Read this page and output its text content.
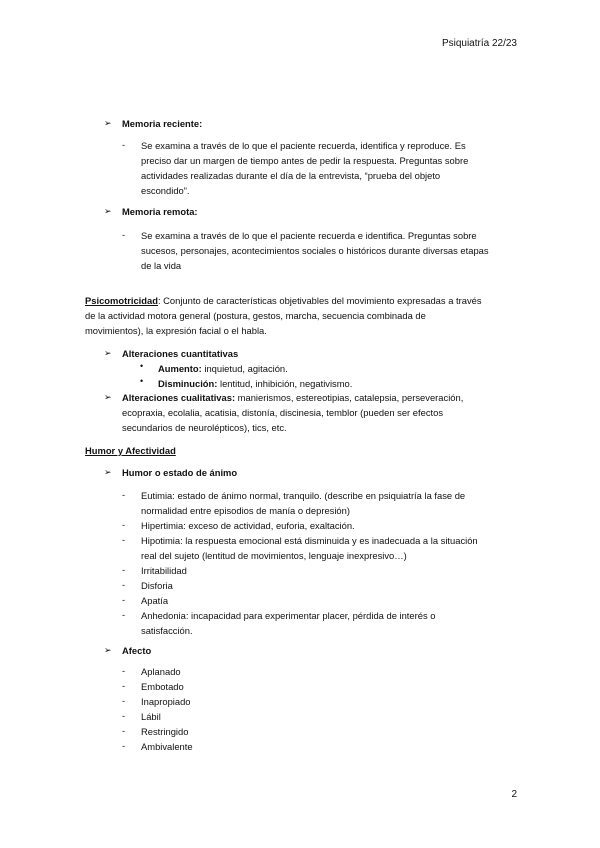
Psiquiatría 22/23
➢ Memoria reciente:
- Se examina a través de lo que el paciente recuerda, identifica y reproduce. Es
preciso dar un margen de tiempo antes de pedir la respuesta. Preguntas sobre
actividades realizadas durante el día de la entrevista, “prueba del objeto
escondido”.
➢ Memoria remota:
- Se examina a través de lo que el paciente recuerda e identifica. Preguntas sobre
sucesos, personajes, acontecimientos sociales o históricos durante diversas etapas
de la vida
Psicomotricidad: Conjunto de características objetivables del movimiento expresadas a través
de la actividad motora general (postura, gestos, marcha, secuencia combinada de
movimientos), la expresión facial o el habla.
➢ Alteraciones cuantitativas
• Aumento: inquietud, agitación.
• Disminución: lentitud, inhibición, negativismo.
➢ Alteraciones cualitativas: manierismos, estereotipias, catalepsia, perseveración,
ecopraxia, ecolalia, acatisia, distonía, discinesia, temblor (pueden ser efectos
secundarios de neurolépticos), tics, etc.
Humor y Afectividad
➢ Humor o estado de ánimo
- Eutimia: estado de ánimo normal, tranquilo. (describe en psiquiatría la fase de
normalidad entre episodios de manía o depresión)
- Hipertimia: exceso de actividad, euforia, exaltación.
- Hipotimia: la respuesta emocional está disminuida y es inadecuada a la situación
real del sujeto (lentitud de movimientos, lenguaje inexpresivo…)
- Irritabilidad
- Disforia
- Apatía
- Anhedonia: incapacidad para experimentar placer, pérdida de interés o
satisfacción.
➢ Afecto
- Aplanado
- Embotado
- Inapropiado
- Lábil
- Restringido
- Ambivalente
2
